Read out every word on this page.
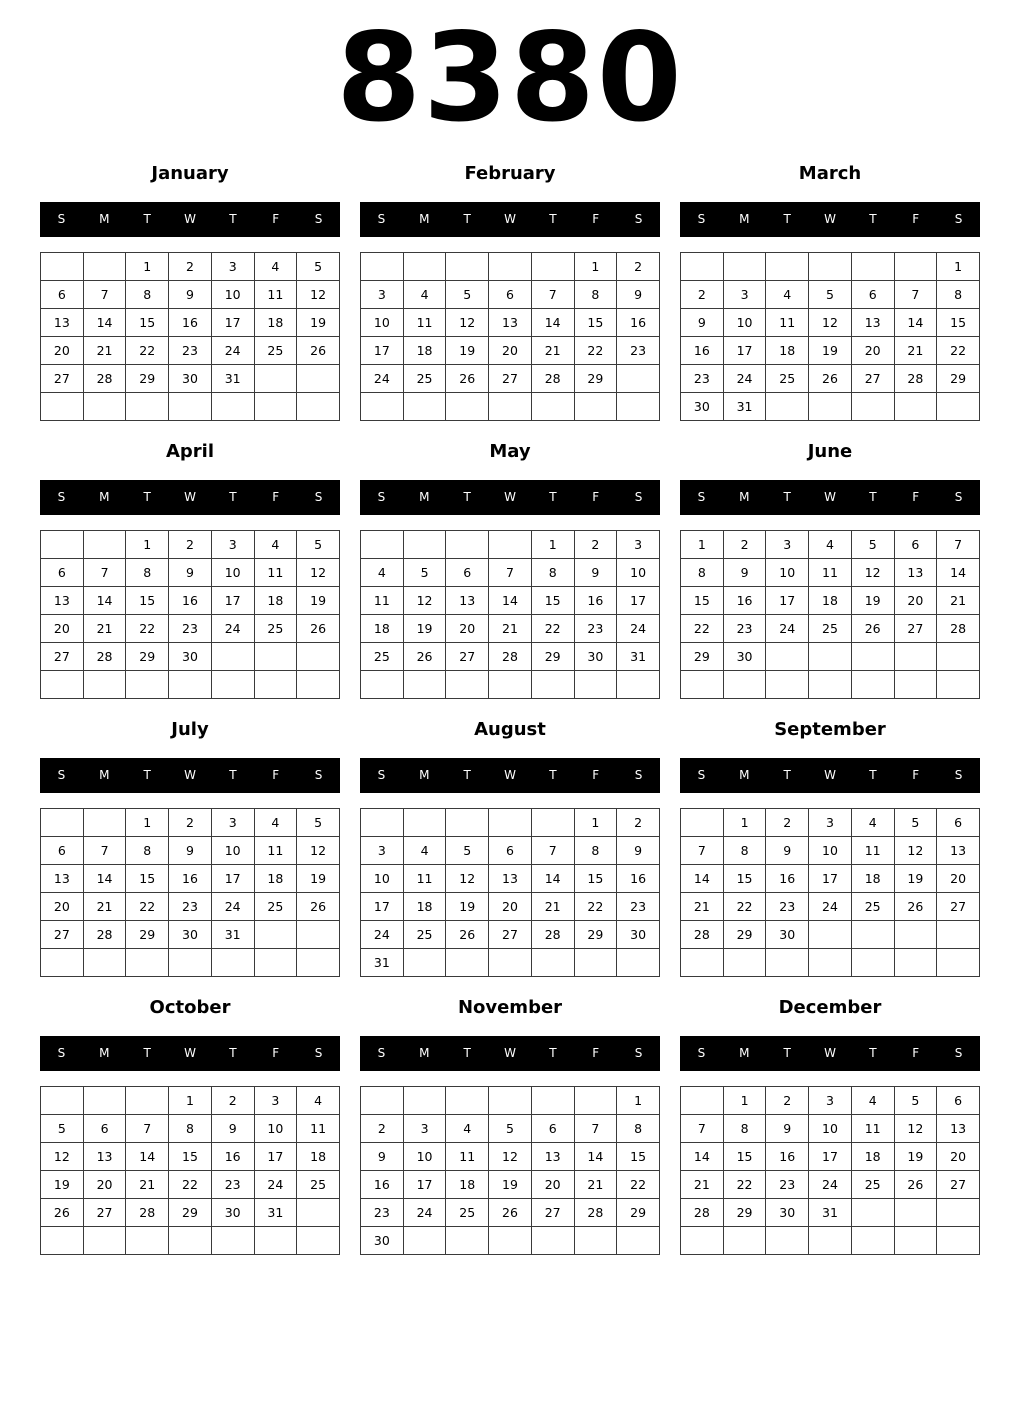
8380
January
S	M	T	W	T	F	S
		1	2	3	4	5
6	7	8	9	10	11	12
13	14	15	16	17	18	19
20	21	22	23	24	25	26
27	28	29	30	31		

February
S	M	T	W	T	F	S
					1	2
3	4	5	6	7	8	9
10	11	12	13	14	15	16
17	18	19	20	21	22	23
24	25	26	27	28	29	

March
S	M	T	W	T	F	S
						1
2	3	4	5	6	7	8
9	10	11	12	13	14	15
16	17	18	19	20	21	22
23	24	25	26	27	28	29
30	31					
April
S	M	T	W	T	F	S
		1	2	3	4	5
6	7	8	9	10	11	12
13	14	15	16	17	18	19
20	21	22	23	24	25	26
27	28	29	30			

May
S	M	T	W	T	F	S
				1	2	3
4	5	6	7	8	9	10
11	12	13	14	15	16	17
18	19	20	21	22	23	24
25	26	27	28	29	30	31

June
S	M	T	W	T	F	S
1	2	3	4	5	6	7
8	9	10	11	12	13	14
15	16	17	18	19	20	21
22	23	24	25	26	27	28
29	30					

July
S	M	T	W	T	F	S
		1	2	3	4	5
6	7	8	9	10	11	12
13	14	15	16	17	18	19
20	21	22	23	24	25	26
27	28	29	30	31		

August
S	M	T	W	T	F	S
					1	2
3	4	5	6	7	8	9
10	11	12	13	14	15	16
17	18	19	20	21	22	23
24	25	26	27	28	29	30
31						
September
S	M	T	W	T	F	S
	1	2	3	4	5	6
7	8	9	10	11	12	13
14	15	16	17	18	19	20
21	22	23	24	25	26	27
28	29	30				

October
S	M	T	W	T	F	S
			1	2	3	4
5	6	7	8	9	10	11
12	13	14	15	16	17	18
19	20	21	22	23	24	25
26	27	28	29	30	31	

November
S	M	T	W	T	F	S
						1
2	3	4	5	6	7	8
9	10	11	12	13	14	15
16	17	18	19	20	21	22
23	24	25	26	27	28	29
30						
December
S	M	T	W	T	F	S
	1	2	3	4	5	6
7	8	9	10	11	12	13
14	15	16	17	18	19	20
21	22	23	24	25	26	27
28	29	30	31			
